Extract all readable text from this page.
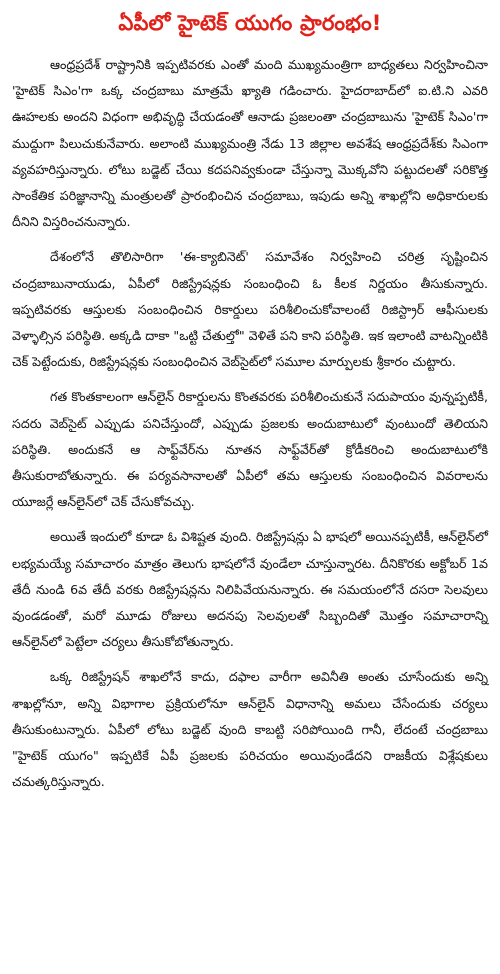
ఏపీలో హైటెక్ యుగం ప్రారంభం!

ఆంధ్రప్రదేశ్ రాష్ట్రానికి ఇప్పటివరకు ఎంతో మంది ముఖ్యమంత్రిగా బాధ్యతలు నిర్వహించినా 'హైటెక్ సిఎం'గా ఒక్క చంద్రబాబు మాత్రమే ఖ్యాతి గడించారు. హైదరాబాద్‌లో ఐ.టి.ని ఎవరి ఊహలకు అందని విధంగా అభివృద్ధి చేయడంతో ఆనాడు ప్రజలంతా చంద్రబాబును 'హైటెక్ సిఎం'గా ముద్దుగా పిలుచుకునేవారు. అలాంటి ముఖ్యమంత్రి నేడు 13 జిల్లాల అవశేష ఆంధ్రప్రదేశ్‌కు సిఎంగా వ్యవహరిస్తున్నారు. లోటు బడ్జెట్ చేయి కదపనివ్వకుండా చేస్తున్నా మొక్కవోని పట్టుదలతో సరికొత్త సాంకేతిక పరిజ్ఞానాన్ని మంత్రులతో ప్రారంభించిన చంద్రబాబు, ఇపుడు అన్ని శాఖల్లోని అధికారులకు దీనిని విస్తరించనున్నారు.

దేశంలోనే తొలిసారిగా 'ఈ-క్యాబినెట్' సమావేశం నిర్వహించి చరిత్ర సృష్టించిన చంద్రబాబునాయుడు, ఏపీలో రిజిస్ట్రేషన్లకు సంబంధించి ఓ కీలక నిర్ణయం తీసుకున్నారు. ఇప్పటివరకు ఆస్తులకు సంబంధించిన రికార్డులు పరిశీలించుకోవాలంటే రిజిస్ట్రార్ ఆఫీసులకు వెళ్ళాల్సిన పరిస్థితి. అక్కడి దాకా "ఒట్టి చేతుల్తో" వెళితే పని కాని పరిస్థితి. ఇక ఇలాంటి వాటన్నింటికి చెక్ పెట్టేందుకు, రిజిస్ట్రేషన్లకు సంబంధించిన వెబ్‌సైట్‌లో సమూల మార్పులకు శ్రీకారం చుట్టారు.

గత కొంతకాలంగా ఆన్‌లైన్ రికార్డులను కొంతవరకు పరిశీలించుకునే సదుపాయం వున్నప్పటికీ, సదరు వెబ్‌సైట్ ఎప్పుడు పనిచేస్తుందో, ఎప్పుడు ప్రజలకు అందుబాటులో వుంటుందో తెలియని పరిస్థితి. అందుకనే ఆ సాఫ్ట్‌వేర్‌ను నూతన సాఫ్ట్‌వేర్‌తో క్రోడీకరించి అందుబాటులోకి తీసుకురాబోతున్నారు. ఈ పర్యవసానాలతో ఏపీలో తమ ఆస్తులకు సంబంధించిన వివరాలను యూజర్లే ఆన్‌లైన్‌లో చెక్ చేసుకోవచ్చు.

అయితే ఇందులో కూడా ఓ విశిష్టత వుంది. రిజిస్ట్రేషన్లు ఏ భాషలో అయినప్పటికీ, ఆన్‌లైన్‌లో లభ్యమయ్యే సమాచారం మాత్రం తెలుగు భాషలోనే వుండేలా చూస్తున్నారట. దీనికొరకు అక్టోబర్ 1వ తేదీ నుండి 6వ తేదీ వరకు రిజిస్ట్రేషన్లను నిలిపివేయనున్నారు. ఈ సమయంలోనే దసరా సెలవులు వుండడంతో, మరో మూడు రోజులు అదనపు సెలవులతో సిబ్బందితో మొత్తం సమాచారాన్ని ఆన్‌లైన్‌లో పెట్టేలా చర్యలు తీసుకోబోతున్నారు.

ఒక్క రిజిస్ట్రేషన్ శాఖలోనే కాదు, దఫాల వారీగా అవినీతి అంతు చూసేందుకు అన్ని శాఖల్లోనూ, అన్ని విభాగాల ప్రక్రియలోనూ ఆన్‌లైన్ విధానాన్ని అమలు చేసేందుకు చర్యలు తీసుకుంటున్నారు. ఏపీలో లోటు బడ్జెట్ వుంది కాబట్టి సరిపోయింది గానీ, లేదంటే చంద్రబాబు "హైటెక్ యుగం" ఇప్పటికే ఏపీ ప్రజలకు పరిచయం అయివుండేదని రాజకీయ విశ్లేషకులు చమత్కరిస్తున్నారు.
